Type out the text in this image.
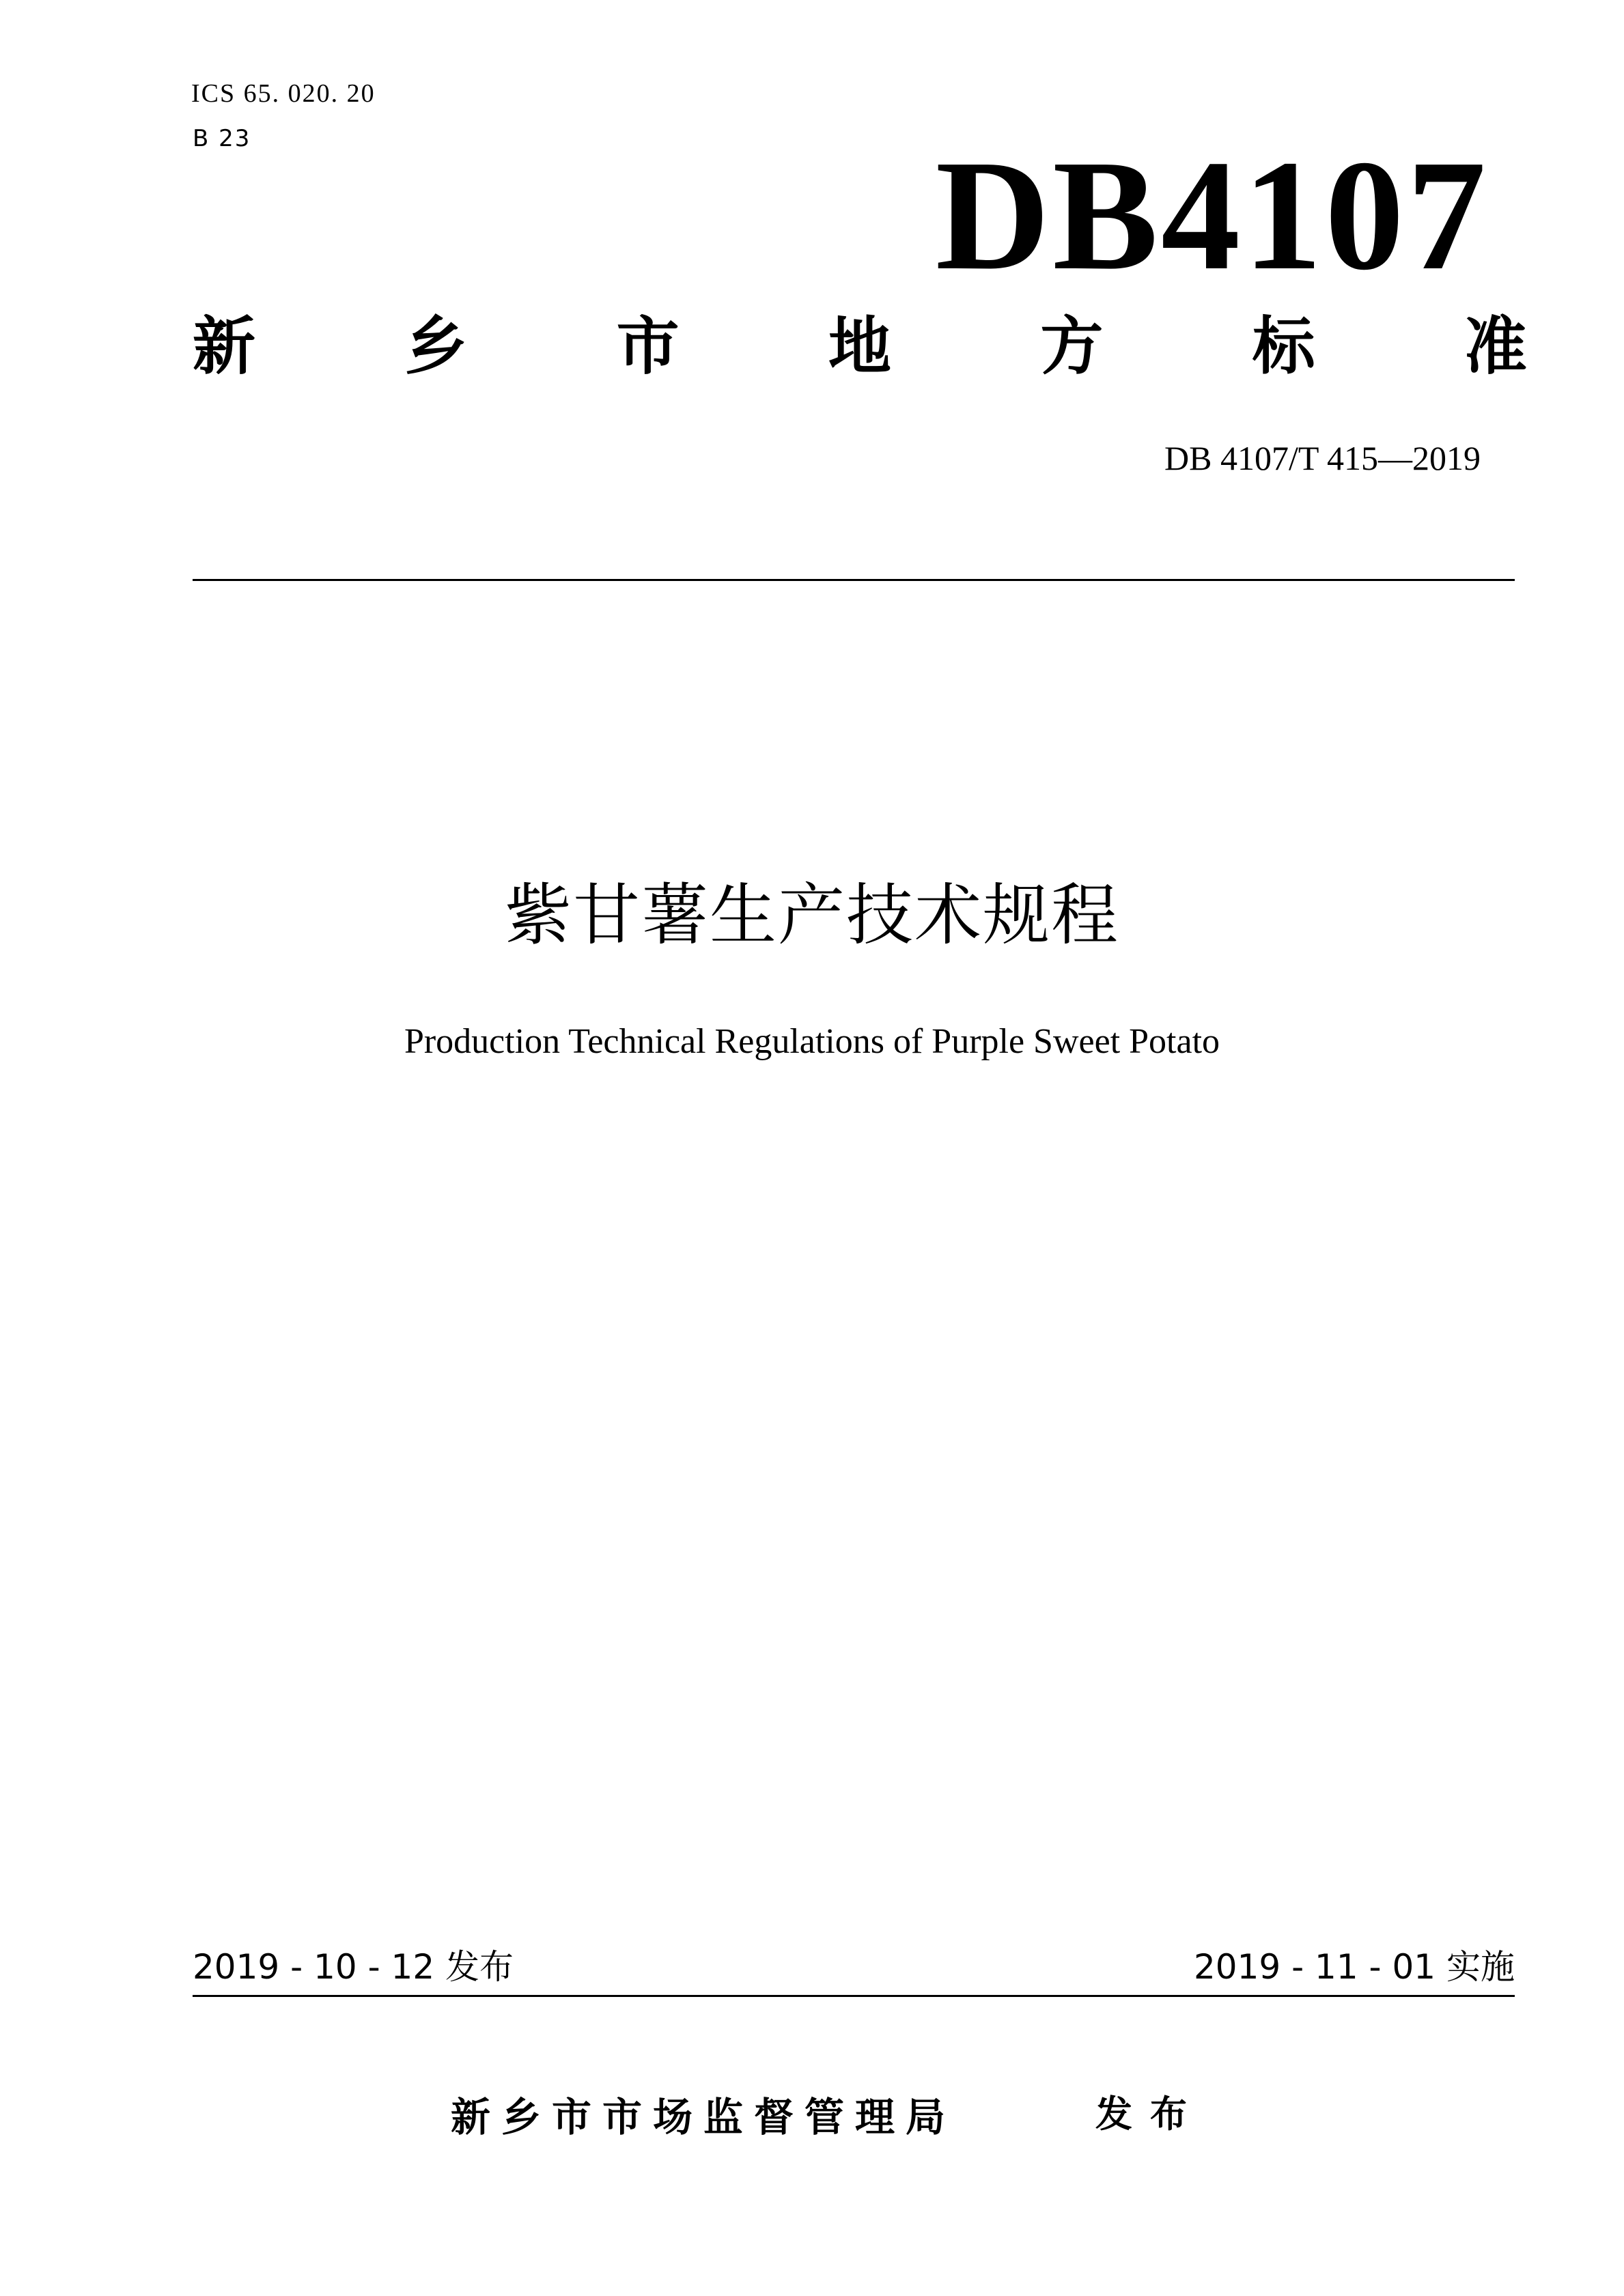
ICS 65. 020. 20
B 23	DB4107
新 乡 市 地 方 标 准
DB 4107/T 415—2019
紫甘薯生产技术规程
Production Technical Regulations of Purple Sweet Potato
2019 - 10 - 12 发布	2019 - 11 - 01 实施
新乡市市场监督管理局	发布
